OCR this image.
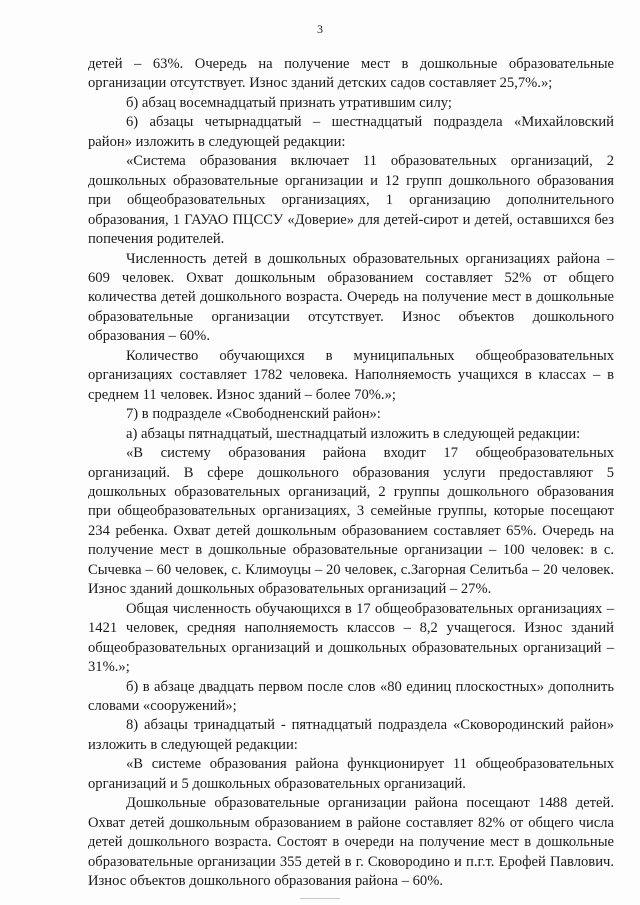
3

детей – 63%. Очередь на получение мест в дошкольные образовательные организации отсутствует. Износ зданий детских садов составляет 25,7%.»;

б) абзац восемнадцатый признать утратившим силу;

6) абзацы четырнадцатый – шестнадцатый подраздела «Михайловский район» изложить в следующей редакции:

«Система образования включает 11 образовательных организаций, 2 дошкольных образовательные организации и 12 групп дошкольного образования при общеобразовательных организациях, 1 организацию дополнительного образования, 1 ГАУАО ПЦССУ «Доверие» для детей-сирот и детей, оставшихся без попечения родителей.

Численность детей в дошкольных образовательных организациях района – 609 человек. Охват дошкольным образованием составляет 52% от общего количества детей дошкольного возраста. Очередь на получение мест в дошкольные образовательные организации отсутствует. Износ объектов дошкольного образования – 60%.

Количество обучающихся в муниципальных общеобразовательных организациях составляет 1782 человека. Наполняемость учащихся в классах – в среднем 11 человек. Износ зданий – более 70%.»;

7) в подразделе «Свободненский район»:

а) абзацы пятнадцатый, шестнадцатый изложить в следующей редакции:

«В систему образования района входит 17 общеобразовательных организаций. В сфере дошкольного образования услуги предоставляют 5 дошкольных образовательных организаций, 2 группы дошкольного образования при общеобразовательных организациях, 3 семейные группы, которые посещают 234 ребенка. Охват детей дошкольным образованием составляет 65%. Очередь на получение мест в дошкольные образовательные организации – 100 человек: в с. Сычевка – 60 человек, с. Климоуцы – 20 человек, с.Загорная Селитьба – 20 человек. Износ зданий дошкольных образовательных организаций – 27%.

Общая численность обучающихся в 17 общеобразовательных организациях – 1421 человек, средняя наполняемость классов – 8,2 учащегося. Износ зданий общеобразовательных организаций и дошкольных образовательных организаций – 31%.»;

б) в абзаце двадцать первом после слов «80 единиц плоскостных» дополнить словами «сооружений»;

8) абзацы тринадцатый - пятнадцатый подраздела «Сковородинский район» изложить в следующей редакции:

«В системе образования района функционирует 11 общеобразовательных организаций и 5 дошкольных образовательных организаций.

Дошкольные образовательные организации района посещают 1488 детей. Охват детей дошкольным образованием в районе составляет 82% от общего числа детей дошкольного возраста. Состоят в очереди на получение мест в дошкольные образовательные организации 355 детей в г. Сковородино и п.г.т. Ерофей Павлович. Износ объектов дошкольного образования района – 60%.
